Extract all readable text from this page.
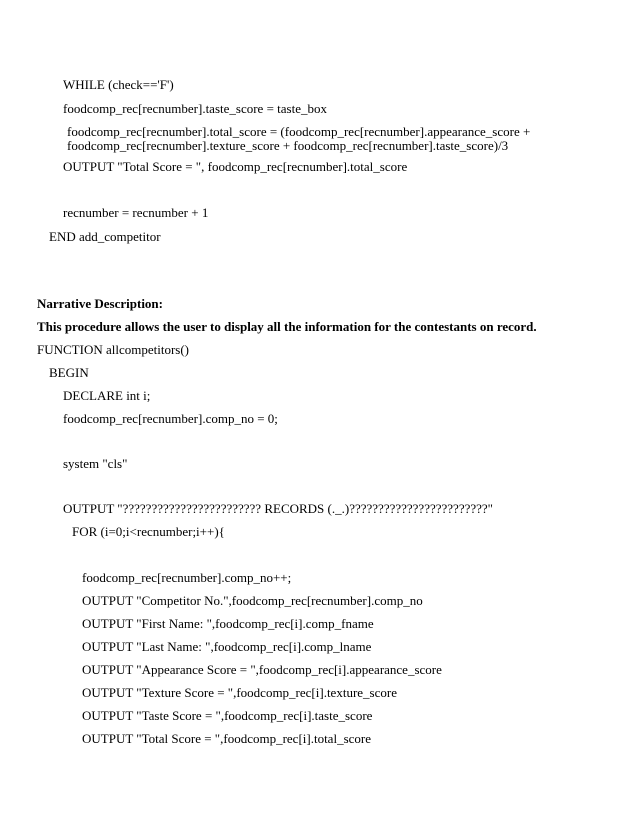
WHILE (check=='F')
foodcomp_rec[recnumber].taste_score = taste_box
foodcomp_rec[recnumber].total_score = (foodcomp_rec[recnumber].appearance_score +
foodcomp_rec[recnumber].texture_score + foodcomp_rec[recnumber].taste_score)/3
OUTPUT "Total Score = ", foodcomp_rec[recnumber].total_score
recnumber = recnumber + 1
END add_competitor
Narrative Description:
This procedure allows the user to display all the information for the contestants on record.
FUNCTION allcompetitors()
BEGIN
DECLARE int i;
foodcomp_rec[recnumber].comp_no = 0;
system "cls"
OUTPUT "???????????????????????? RECORDS (._.)????????????????????????"
FOR (i=0;i<recnumber;i++){
foodcomp_rec[recnumber].comp_no++;
OUTPUT "Competitor No.",foodcomp_rec[recnumber].comp_no
OUTPUT "First Name: ",foodcomp_rec[i].comp_fname
OUTPUT "Last Name: ",foodcomp_rec[i].comp_lname
OUTPUT "Appearance Score = ",foodcomp_rec[i].appearance_score
OUTPUT "Texture Score = ",foodcomp_rec[i].texture_score
OUTPUT "Taste Score = ",foodcomp_rec[i].taste_score
OUTPUT "Total Score = ",foodcomp_rec[i].total_score
